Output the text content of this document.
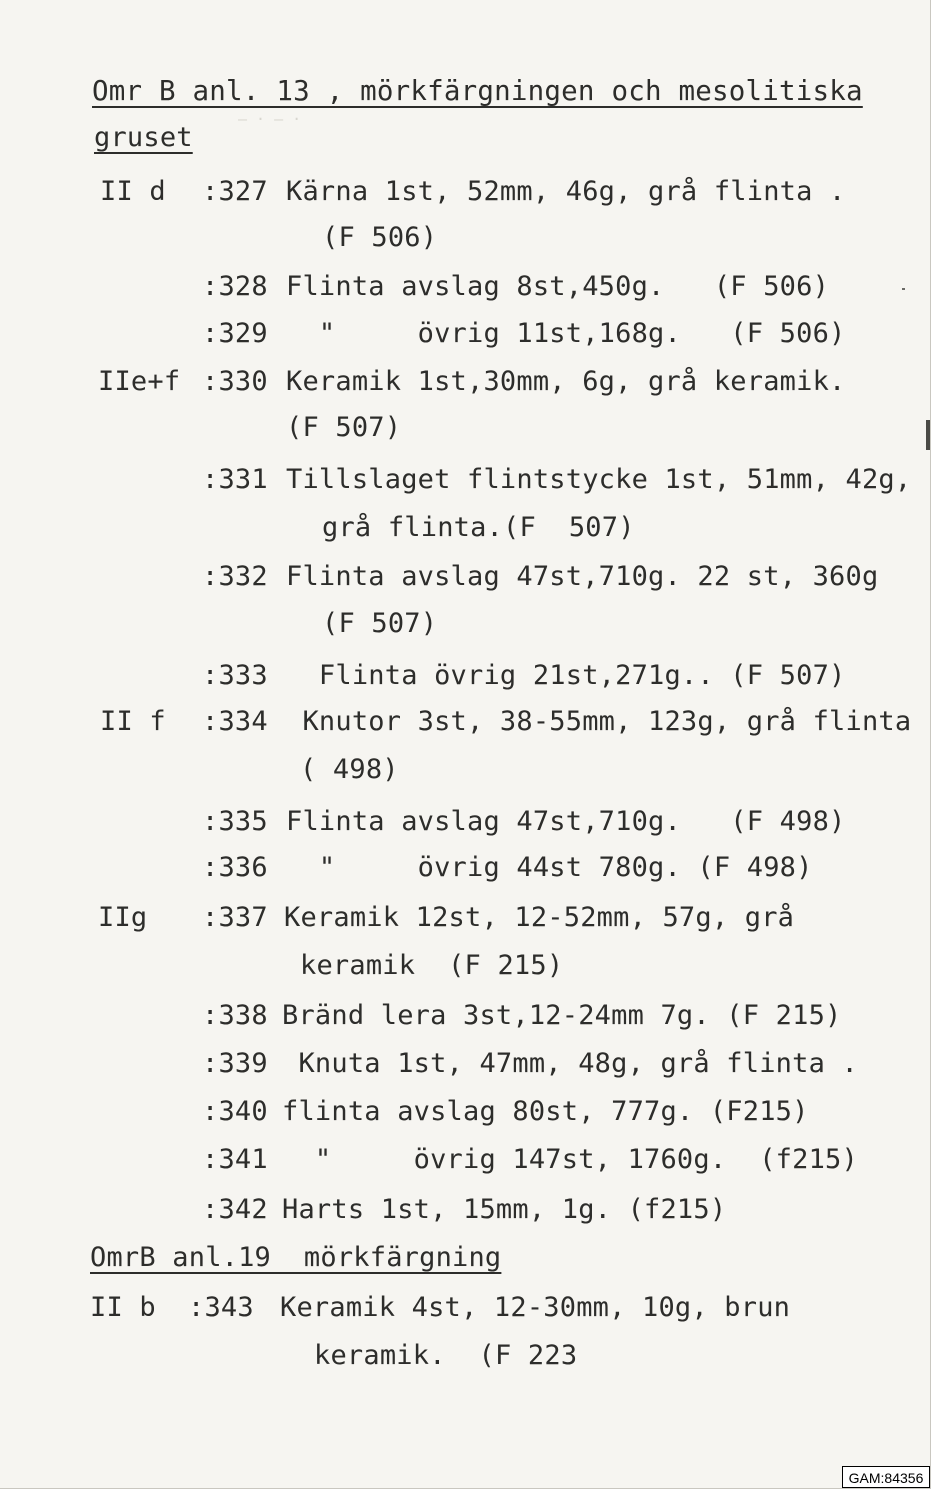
— · — ·
Omr B anl. 13 , mörkfärgningen och mesolitiska
gruset
II d :327 Kärna 1st, 52mm, 46g, grå flinta .
(F 506)
:328 Flinta avslag 8st,450g.   (F 506)
:329 "     övrig 11st,168g.   (F 506)
IIe+f :330 Keramik 1st,30mm, 6g, grå keramik.
(F 507)
:331 Tillslaget flintstycke 1st, 51mm, 42g,
grå flinta.(F  507)
:332 Flinta avslag 47st,710g. 22 st, 360g
(F 507)
:333 Flinta övrig 21st,271g.. (F 507)
II f :334 Knutor 3st, 38-55mm, 123g, grå flinta
( 498)
:335 Flinta avslag 47st,710g.   (F 498)
:336 "     övrig 44st 780g. (F 498)
IIg :337 Keramik 12st, 12-52mm, 57g, grå
keramik  (F 215)
:338 Bränd lera 3st,12-24mm 7g. (F 215)
:339 Knuta 1st, 47mm, 48g, grå flinta .
:340 flinta avslag 80st, 777g. (F215)
:341 "     övrig 147st, 1760g.  (f215)
:342 Harts 1st, 15mm, 1g. (f215)
OmrB anl.19  mörkfärgning
II b :343 Keramik 4st, 12-30mm, 10g, brun
keramik.  (F 223
GAM:84356
